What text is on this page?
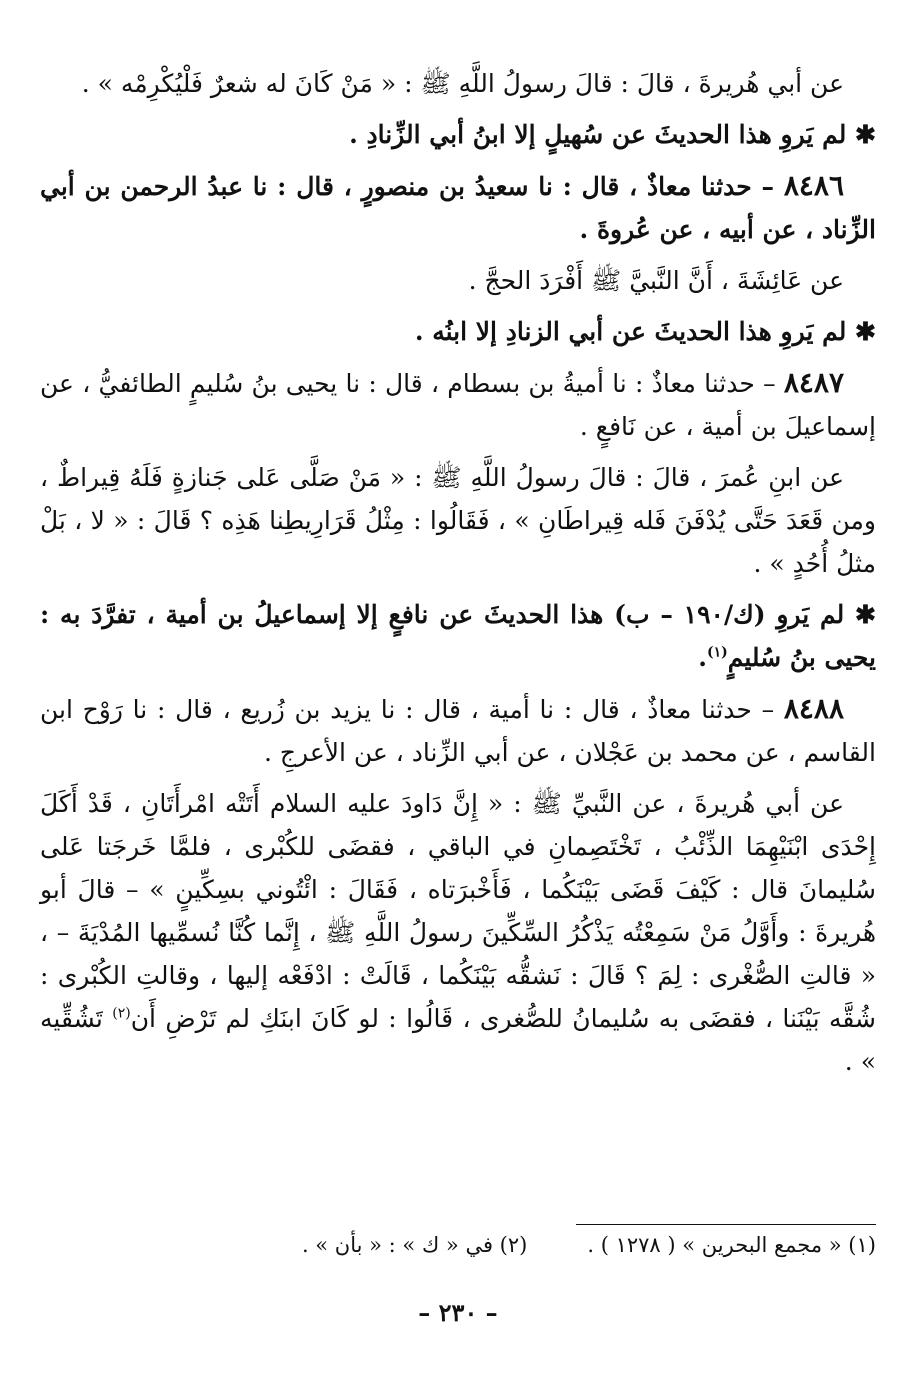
عن أبي هُريرةَ ، قالَ : قالَ رسولُ اللَّهِ ﷺ : « مَنْ كَانَ له شعرٌ فَلْيُكْرِمْه » .

✱ لم يَروِ هذا الحديثَ عن سُهيلٍ إلا ابنُ أبي الزِّنادِ .

٨٤٨٦ – حدثنا معاذٌ ، قال : نا سعيدُ بن منصورٍ ، قال : نا عبدُ الرحمن بن أبي الزِّناد ، عن أبيه ، عن عُروةَ .

عن عَائِشَةَ ، أَنَّ النَّبيَّ ﷺ أَفْرَدَ الحجَّ .

✱ لم يَروِ هذا الحديثَ عن أبي الزنادِ إلا ابنُه .

٨٤٨٧ – حدثنا معاذٌ : نا أميةُ بن بسطام ، قال : نا يحيى بنُ سُليمٍ الطائفيُّ ، عن إسماعيلَ بن أمية ، عن نَافعٍ .

عن ابنِ عُمرَ ، قالَ : قالَ رسولُ اللَّهِ ﷺ : « مَنْ صَلَّى عَلى جَنازةٍ فَلَهُ قِيراطٌ ، ومن قَعَدَ حَتَّى يُدْفَنَ فَله قِيراطَانِ » ، فَقَالُوا : مِثْلُ قَرَارِيطِنا هَذِه ؟ قَالَ : « لا ، بَلْ مثلُ أُحُدٍ » .

✱ لم يَروِ (ك/١٩٠ – ب) هذا الحديثَ عن نافعٍ إلا إسماعيلُ بن أمية ، تفرَّدَ به : يحيى بنُ سُليمٍ$^{(١)}$.

٨٤٨٨ – حدثنا معاذٌ ، قال : نا أمية ، قال : نا يزيد بن زُريع ، قال : نا رَوْح ابن القاسم ، عن محمد بن عَجْلان ، عن أبي الزِّناد ، عن الأعرجِ .

عن أبي هُريرةَ ، عن النَّبيِّ ﷺ : « إِنَّ دَاودَ عليه السلام أَتَتْه امْرأَتَانِ ، قَدْ أَكَلَ إِحْدَى ابْنَيْهِمَا الذِّئْبُ ، تَخْتَصِمانِ في الباقي ، فقضَى للكُبْرى ، فلمَّا خَرجَتا عَلى سُليمانَ قال : كَيْفَ قَضَى بَيْنَكُما ، فَأَخْبرَتاه ، فَقَالَ : ائْتُوني بسِكِّينٍ » – قالَ أبو هُريرةَ : وأَوَّلُ مَنْ سَمِعْتُه يَذْكُرُ السِّكِّينَ رسولُ اللَّهِ ﷺ ، إِنَّما كُنَّا نُسمِّيها المُدْيَةَ – ، « قالتِ الصُّغْرى : لِمَ ؟ قَالَ : نَشقُّه بَيْنَكُما ، قَالَتْ : ادْفَعْه إليها ، وقالتِ الكُبْرى : شُقَّه بَيْنَنا ، فقضَى به سُليمانُ للصُّغرى ، قَالُوا : لو كَانَ ابنَكِ لم تَرْضِ أَن$^{(٢)}$ تَشُقِّيه » .

(١) « مجمع البحرين » ( ١٢٧٨ ) .
(٢) في « ك » : « بأن » .
– ٢٣٠ –
